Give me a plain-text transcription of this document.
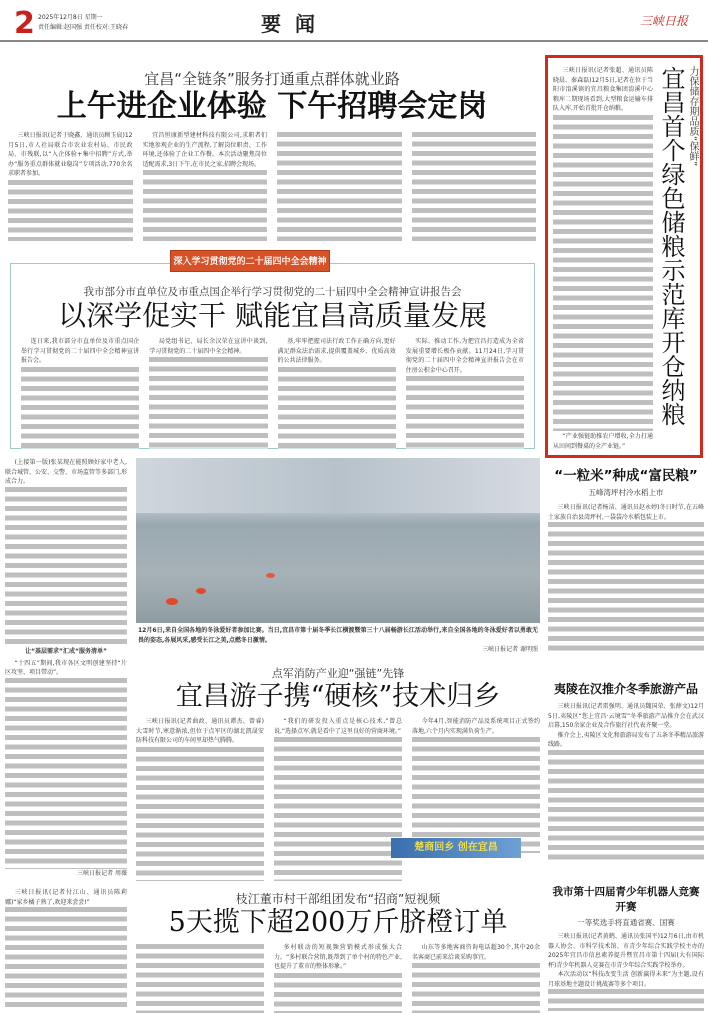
2 2025年12月8日 星期一
责任编辑:赵国强 责任校对:王晓春	要闻	三峡日报
宜昌“全链条”服务打通重点群体就业路
上午进企业体验 下午招聘会定岗

三峡日报讯(记者于晓鑫、通讯员顾玉宸)12月5日,市人社局联合市农业农村局、市民政局、市残联,以“入企体验+集中招聘”方式,举办“服务重点群体就业稳岗”专项活动,770余名求职者参加。

宜昌恒康新型建材科技有限公司,求职者们实地参观企业的生产流程,了解岗位职责、工作环境,还体验了企业工作餐。本次活动聚焦岗位适配需求,3日下午,在市民之家,招聘会现场。

我市部分市直单位及市重点国企举行学习贯彻党的二十届四中全会精神宣讲报告会
以深学促实干 赋能宜昌高质量发展

连日来,我市部分市直单位及市重点国企举行学习贯彻党的二十届四中全会精神宣讲报告会。

局党组书记、局长余汉荣在宣讲中谈到,学习贯彻党的二十届四中全会精神。

基,牢牢把握司法行政工作正确方向,更好满足群众法治需求,提供覆盖城乡、优质高效的公共法律服务。

实际、推动工作,为把宜昌打造成为全省发展重要增长极作贡献。11月24日,学习贯彻党的二十届四中全会精神宣讲报告会在市住房公积金中心召开。

深入学习贯彻党的二十届四中全会精神

三峡日报讯(记者张超、通讯员陈晓晨、秦森磊)12月5日,记者在位于当阳市淯溪镇的宜昌粮食集团淯溪中心粮库二期现场看到,大型粮食运输车排队入库,开始首批开仓纳粮。

“产业强链助推农户增收,全力打通从田间到餐桌的全产业链。”

宜昌首个绿色储粮示范库开仓纳粮 力保储存期品质“保鲜”

(上接第一版)张某现在能照顾好家中老人,联合城管、公安、交警、市场监管等多部门,形成合力。

让“基层需求”汇成“服务清单”

“十四五”期间,我市各区文明创建坚持“片区攻坚、项目带动”。

三峡日报记者 周薇
12月6日,来自全国各地的冬泳爱好者参加比赛。当日,宜昌市第十届冬季长江横渡暨第三十八届畅游长江活动举行,来自全国各地的冬泳爱好者以勇敢无畏的姿态,各展风采,感受长江之美,点燃冬日激情。
三峡日报记者 谢明照
“一粒米”种成“富民粮”
五峰湾坪村冷水稻上市

三峡日报讯(记者杨洁、通讯员赵永婷)冬日时节,在五峰土家族自治县湾坪村,一袋袋冷水稻包装上市。

点军消防产业迎“强链”先锋
宜昌游子携“硬核”技术归乡

三峡日报讯(记者曲政、通讯员谭杰、曾睿)大雪时节,寒意渐浓,但位于点军区的湖北凯晟安防科技有限公司的车间里却热气腾腾。

“我们的研发投入重点是核心技术,”曾总说,“选择点军,就是看中了这里良好的营商环境。”

今年4月,智能消防产品及系统项目正式签约落地,六个月内实现满负荷生产。

楚商回乡 创在宜昌
夷陵在汉推介冬季旅游产品

三峡日报讯(记者雷强明、通讯员魏国荣、张薛文)12月5日,夷陵区“您上宜昌·云境雪”冬季旅游产品推介会在武汉启幕,150余家企业及合作旅行社代表齐聚一堂。

推介会上,夷陵区文化和旅游局发布了五条冬季精品旅游线路。

三峡日报讯(记者付江山、通讯员陈莉娜)“家乡橘子熟了,欢迎来尝尝!”	枝江董市村干部组团发布“招商”短视频
5天揽下超200万斤脐橙订单

多村联动的短视频营销模式形成强大合力。“多村联合营销,既帮到了单个村的特色产业,也提升了董市的整体形象。”

山东等多地客商咨询电话超30个,其中20余名客商已前来洽谈采购事宜。

我市第十四届青少年机器人竞赛开赛
一等奖选手将直通省赛、国赛

三峡日报讯(记者黄鹤、通讯员张国平)12月6日,由市机器人协会、市科学技术馆、市青少年综合实践学校主办的2025年宜昌市信息素养提升暨宜昌市第十四届(大有国际杯)青少年机器人竞赛在市青少年综合实践学校举办。

本次活动以“科技改变生活 创新赢得未来”为主题,设有月球基地主题设计挑战赛等多个项目。
